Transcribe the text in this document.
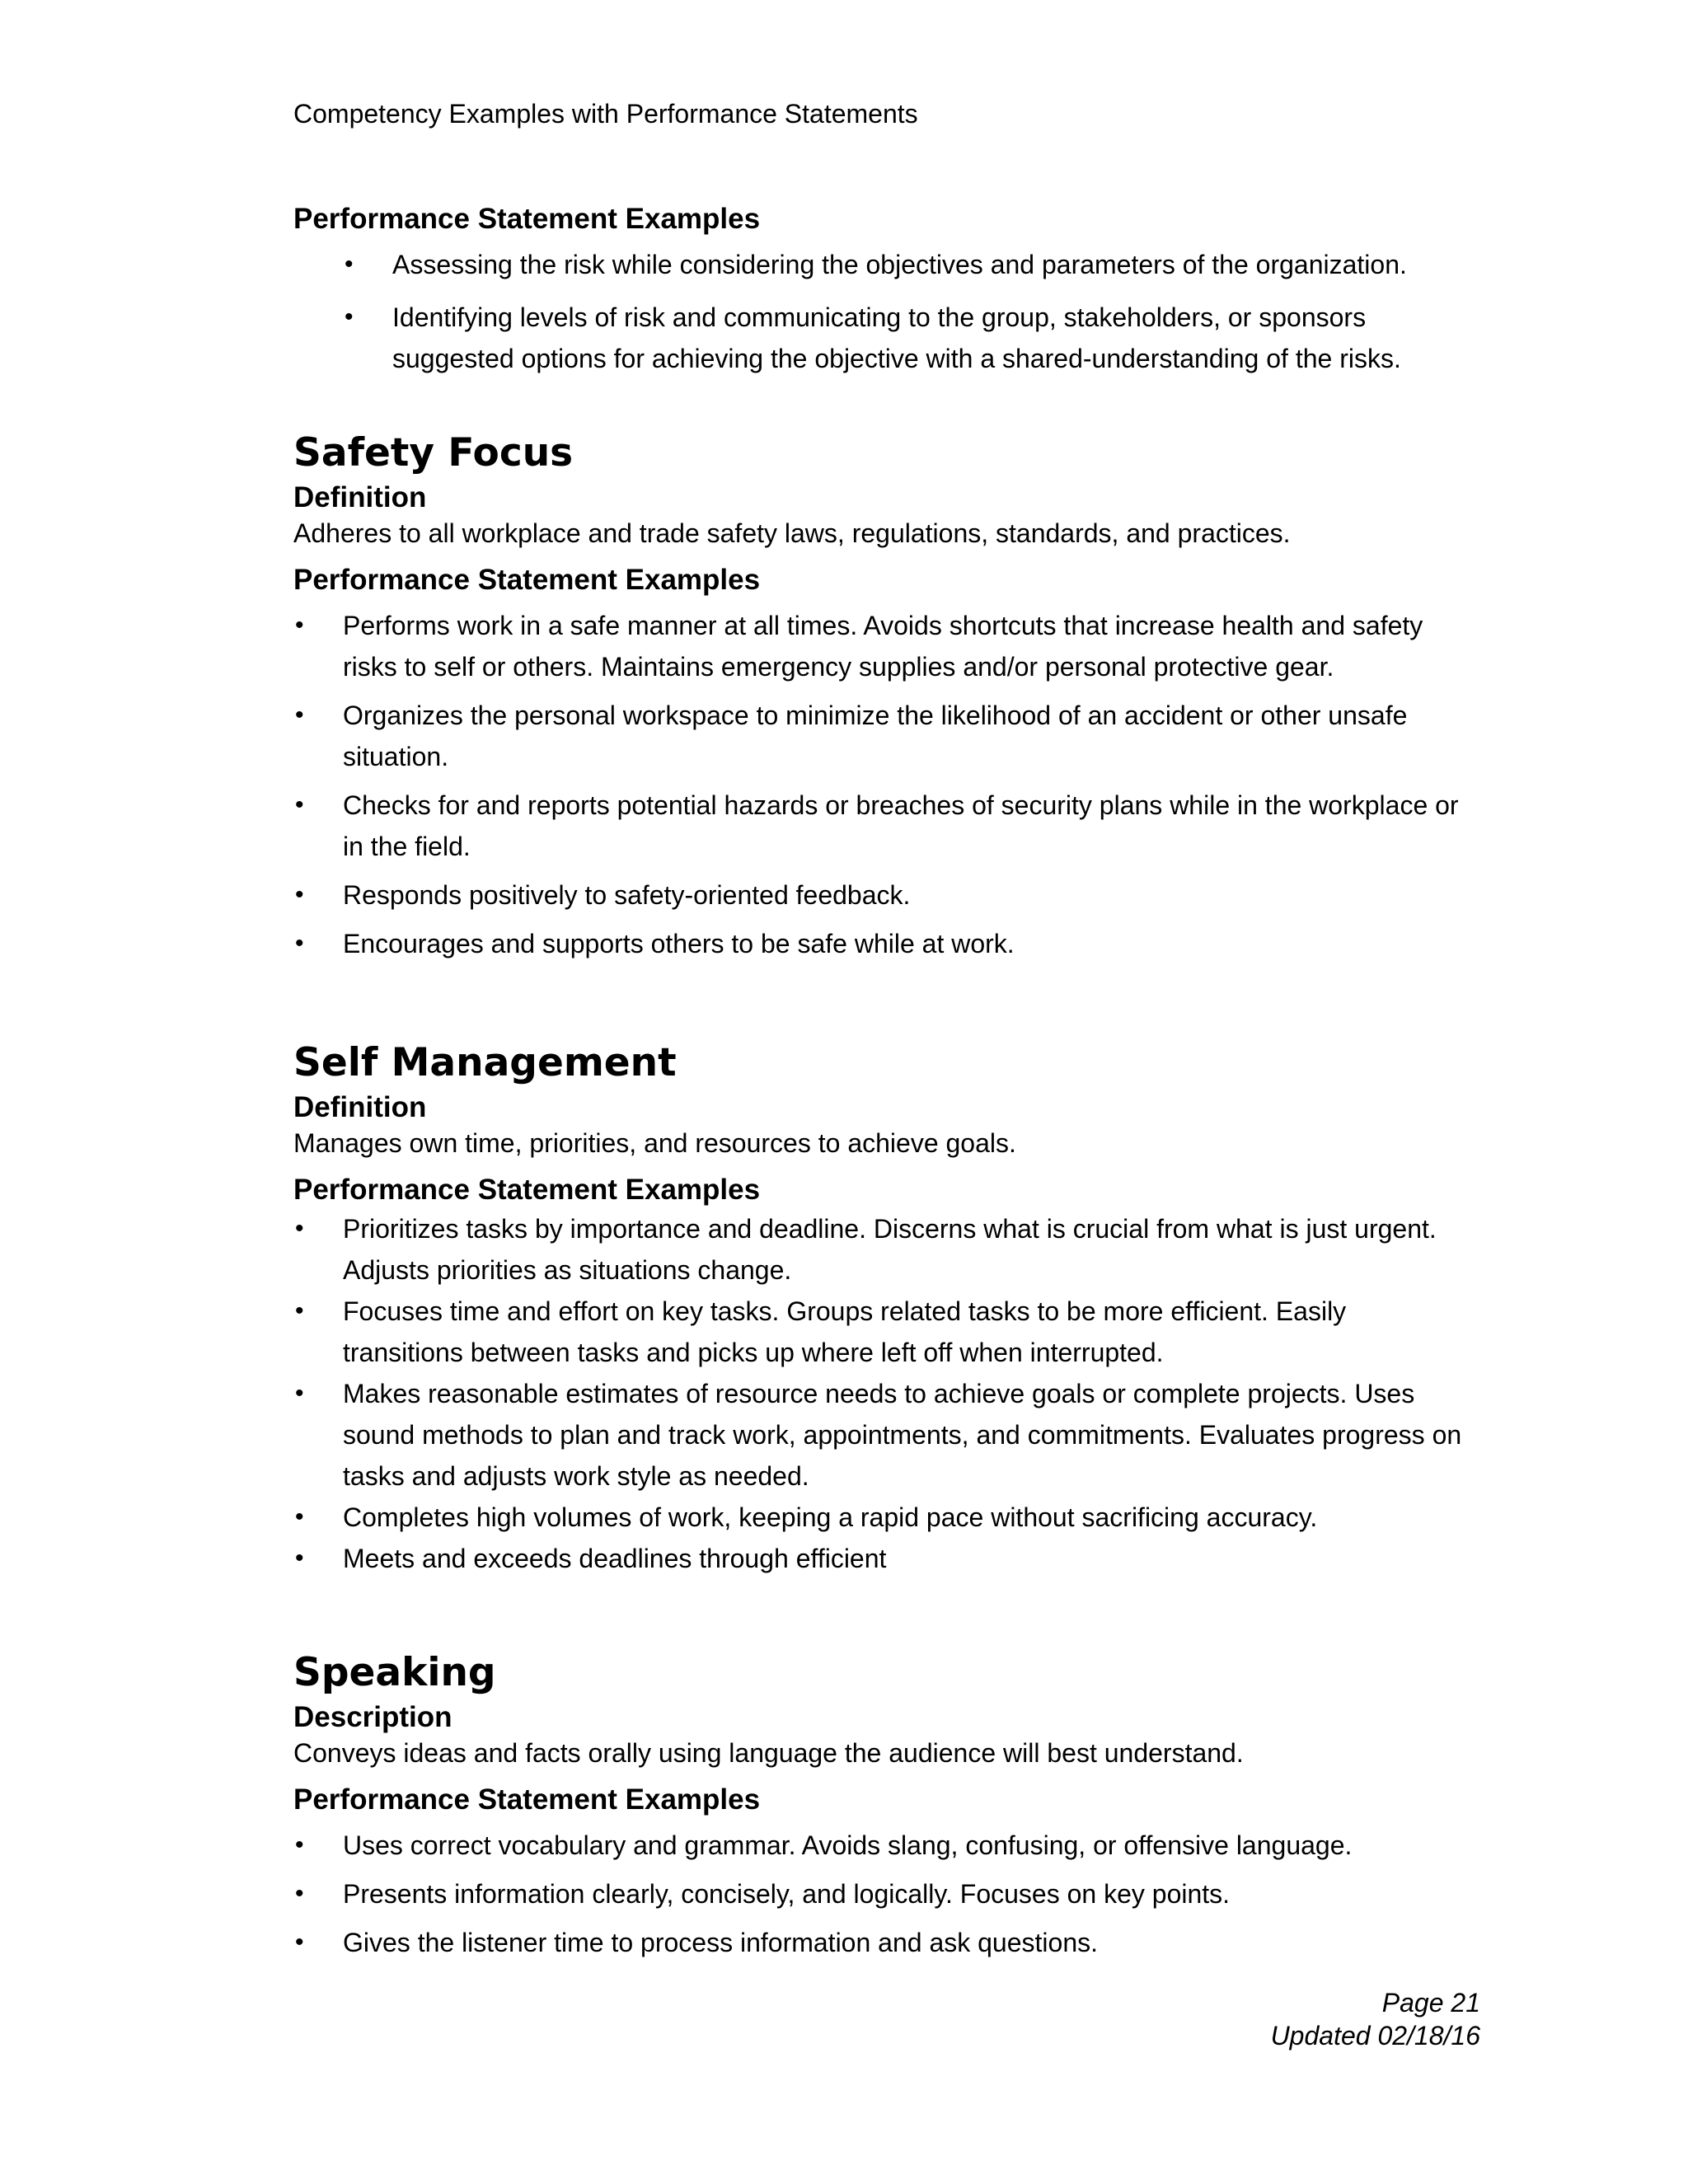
Competency Examples with Performance Statements
Performance Statement Examples
• Assessing the risk while considering the objectives and parameters of the organization.
• Identifying levels of risk and communicating to the group, stakeholders, or sponsors suggested options for achieving the objective with a shared-understanding of the risks.
Safety Focus
Definition

Adheres to all workplace and trade safety laws, regulations, standards, and practices.

Performance Statement Examples
• Performs work in a safe manner at all times. Avoids shortcuts that increase health and safety risks to self or others. Maintains emergency supplies and/or personal protective gear.
• Organizes the personal workspace to minimize the likelihood of an accident or other unsafe situation.
• Checks for and reports potential hazards or breaches of security plans while in the workplace or in the field.
• Responds positively to safety-oriented feedback.
• Encourages and supports others to be safe while at work.
Self Management
Definition

Manages own time, priorities, and resources to achieve goals.

Performance Statement Examples
• Prioritizes tasks by importance and deadline. Discerns what is crucial from what is just urgent. Adjusts priorities as situations change.
• Focuses time and effort on key tasks. Groups related tasks to be more efficient. Easily transitions between tasks and picks up where left off when interrupted.
• Makes reasonable estimates of resource needs to achieve goals or complete projects. Uses sound methods to plan and track work, appointments, and commitments. Evaluates progress on tasks and adjusts work style as needed.
• Completes high volumes of work, keeping a rapid pace without sacrificing accuracy.
• Meets and exceeds deadlines through efficient
Speaking
Description

Conveys ideas and facts orally using language the audience will best understand.

Performance Statement Examples
• Uses correct vocabulary and grammar. Avoids slang, confusing, or offensive language.
• Presents information clearly, concisely, and logically. Focuses on key points.
• Gives the listener time to process information and ask questions.
Page 21
Updated 02/18/16
